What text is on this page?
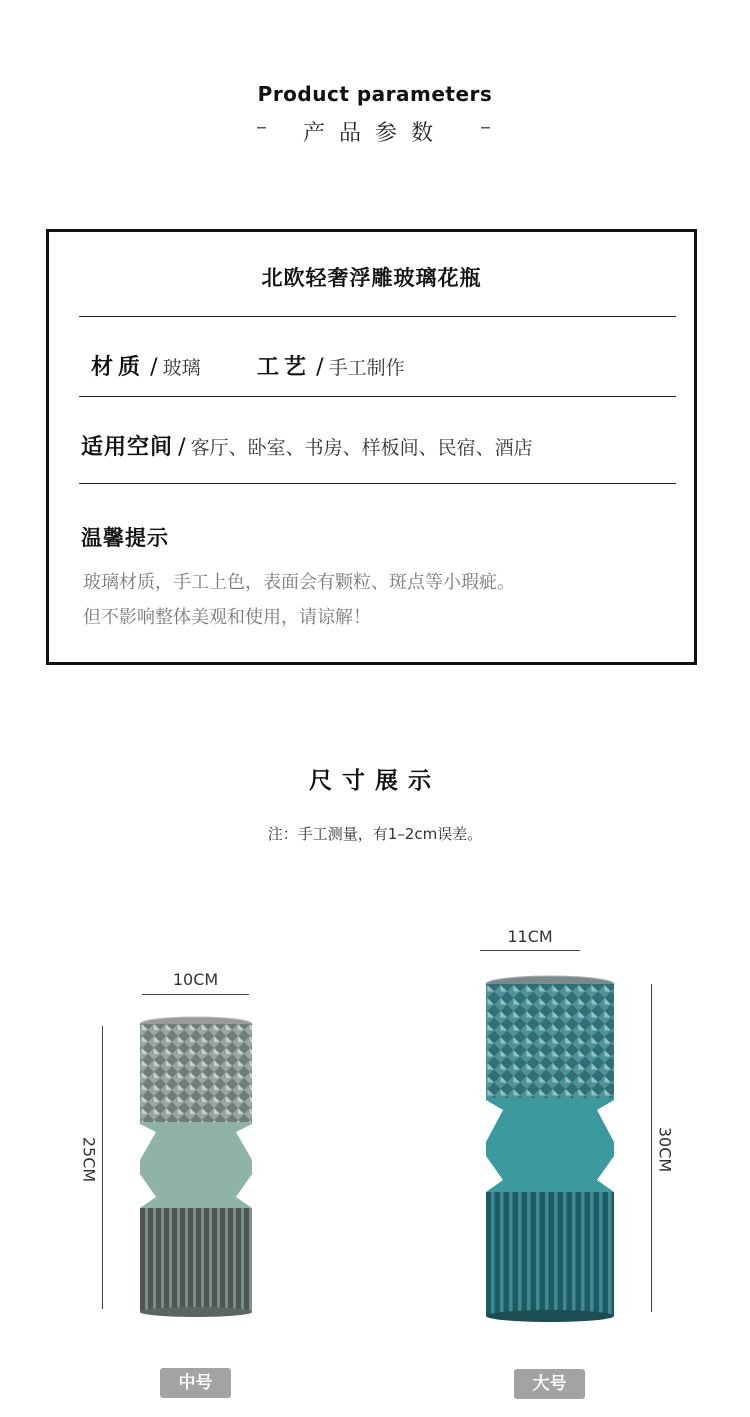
Product parameters
–	产品参数	–
北欧轻奢浮雕玻璃花瓶
材质 / 玻璃	工艺 / 手工制作
适用空间 / 客厅、卧室、书房、样板间、民宿、酒店
温馨提示
玻璃材质，手工上色，表面会有颗粒、斑点等小瑕疵。
但不影响整体美观和使用，请谅解！
尺寸展示
注：手工测量，有1–2cm误差。
10CM
25CM
11CM
30CM
中号	大号
